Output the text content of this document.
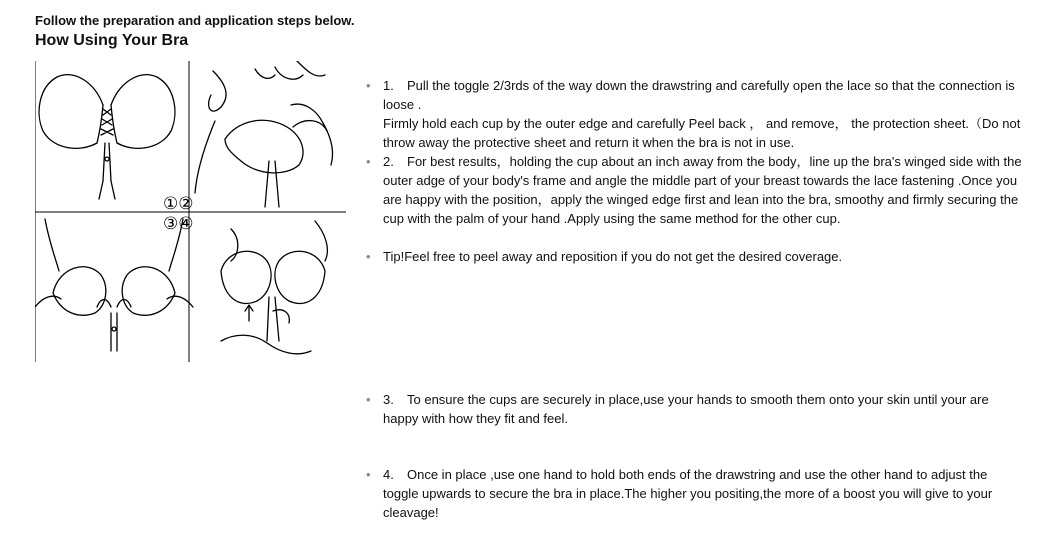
Follow the preparation and application steps below.
How Using Your Bra
①②
③④
• 1. Pull the toggle 2/3rds of the way down the drawstring and carefully open the lace so that the connection is loose .
Firmly hold each cup by the outer edge and carefully Peel back ， and remove， the protection sheet.（Do not throw away the protective sheet and return it when the bra is not in use.
• 2. For best results，holding the cup about an inch away from the body，line up the bra's winged side with the outer adge of your body's frame and angle the middle part of your breast towards the lace fastening .Once you are happy with the position，apply the winged edge first and lean into the bra, smoothy and firmly securing the cup with the palm of your hand .Apply using the same method for the other cup.
• Tip!Feel free to peel away and reposition if you do not get the desired coverage.
• 3. To ensure the cups are securely in place,use your hands to smooth them onto your skin until your are happy with how they fit and feel.
• 4. Once in place ,use one hand to hold both ends of the drawstring and use the other hand to adjust the toggle upwards to secure the bra in place.The higher you positing,the more of a boost you will give to your cleavage!
